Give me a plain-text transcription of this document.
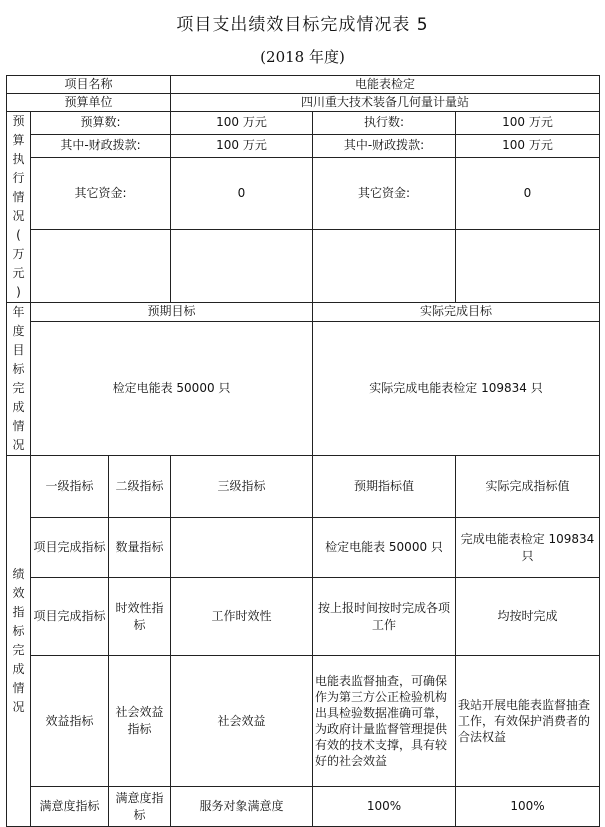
项目支出绩效目标完成情况表 5
(2018 年度)
项目名称			电能表检定		
预算单位			四川重大技术装备几何量计量站		

预算执行情况(万元)	预算数:		100 万元	执行数:	100 万元
	其中-财政拨款:		100 万元	其中-财政拨款:	100 万元
	其它资金:		0	其它资金:	0

年度目标完成情况	预期目标			实际完成目标	
	检定电能表 50000 只			实际完成电能表检定 109834 只	

绩效指标完成情况	一级指标	二级指标	三级指标	预期指标值	实际完成指标值
	项目完成指标	数量指标		检定电能表 50000 只	完成电能表检定 109834 只
	项目完成指标	时效性指标	工作时效性	按上报时间按时完成各项工作	均按时完成
	效益指标	社会效益指标	社会效益	电能表监督抽查，可确保作为第三方公正检验机构出具检验数据准确可靠，为政府计量监督管理提供有效的技术支撑，具有较好的社会效益	我站开展电能表监督抽查工作，有效保护消费者的合法权益
	满意度指标	满意度指标	服务对象满意度	100%	100%
